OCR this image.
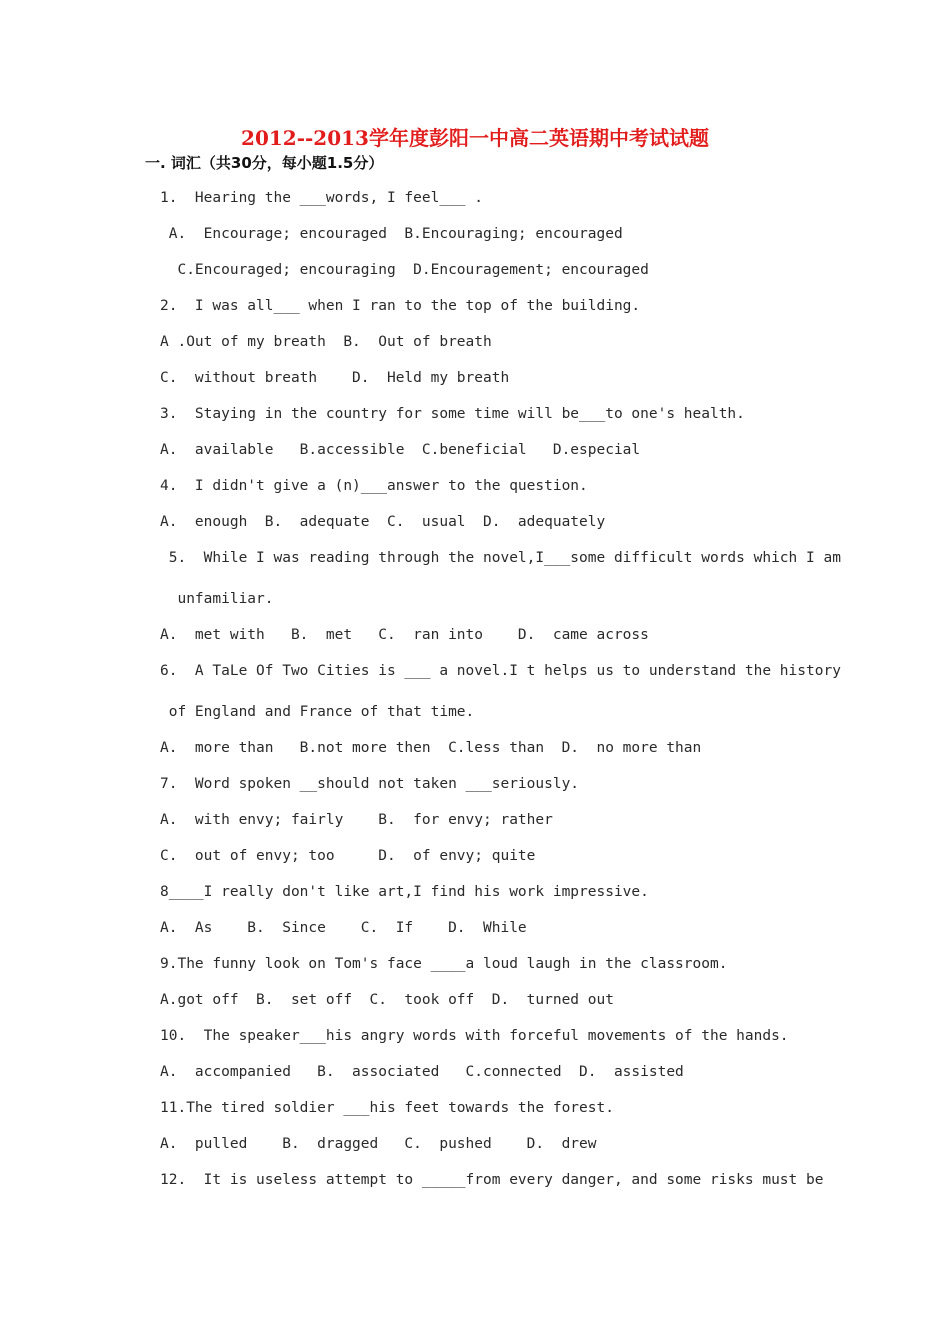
2012--2013学年度彭阳一中高二英语期中考试试题
一. 词汇（共30分，每小题1.5分）
1.  Hearing the ___words, I feel___ .
A.  Encourage; encouraged  B.Encouraging; encouraged
C.Encouraged; encouraging  D.Encouragement; encouraged
2.  I was all___ when I ran to the top of the building.
A .Out of my breath  B.  Out of breath
C.  without breath    D.  Held my breath
3.  Staying in the country for some time will be___to one's health.
A.  available   B.accessible  C.beneficial   D.especial
4.  I didn't give a (n)___answer to the question.
A.  enough  B.  adequate  C.  usual  D.  adequately
5.  While I was reading through the novel,I___some difficult words which I am
unfamiliar.
A.  met with   B.  met   C.  ran into    D.  came across
6.  A TaLe Of Two Cities is ___ a novel.I t helps us to understand the history
of England and France of that time.
A.  more than   B.not more then  C.less than  D.  no more than
7.  Word spoken __should not taken ___seriously.
A.  with envy; fairly    B.  for envy; rather
C.  out of envy; too     D.  of envy; quite
8____I really don't like art,I find his work impressive.
A.  As    B.  Since    C.  If    D.  While
9.The funny look on Tom's face ____a loud laugh in the classroom.
A.got off  B.  set off  C.  took off  D.  turned out
10.  The speaker___his angry words with forceful movements of the hands.
A.  accompanied   B.  associated   C.connected  D.  assisted
11.The tired soldier ___his feet towards the forest.
A.  pulled    B.  dragged   C.  pushed    D.  drew
12.  It is useless attempt to _____from every danger, and some risks must be
